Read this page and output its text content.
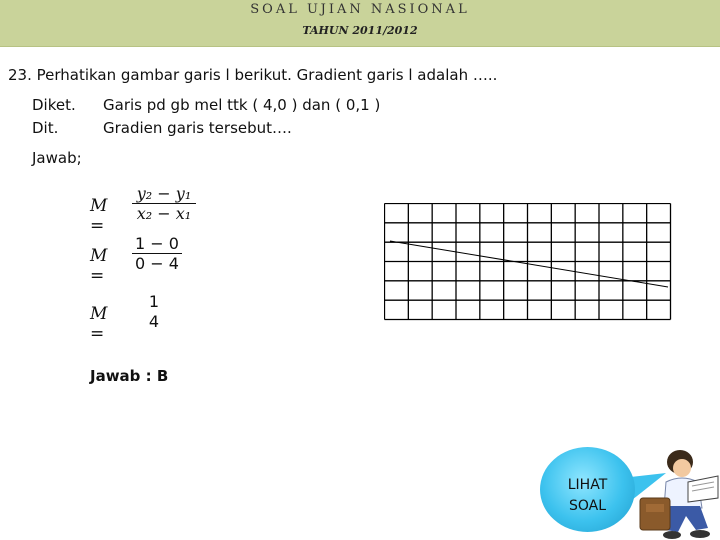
SOAL UJIAN NASIONAL
TAHUN 2011/2012
23. Perhatikan gambar garis l berikut. Gradient garis l adalah …..
Diket. Garis pd gb mel ttk ( 4,0 ) dan ( 0,1 )
Dit.	Gradien garis tersebut….
Jawab;
M =
y₂ − y₁
x₂ − x₁
M =
1 − 0
0 − 4
M =
1
4
Jawab : B
LIHAT
SOAL
